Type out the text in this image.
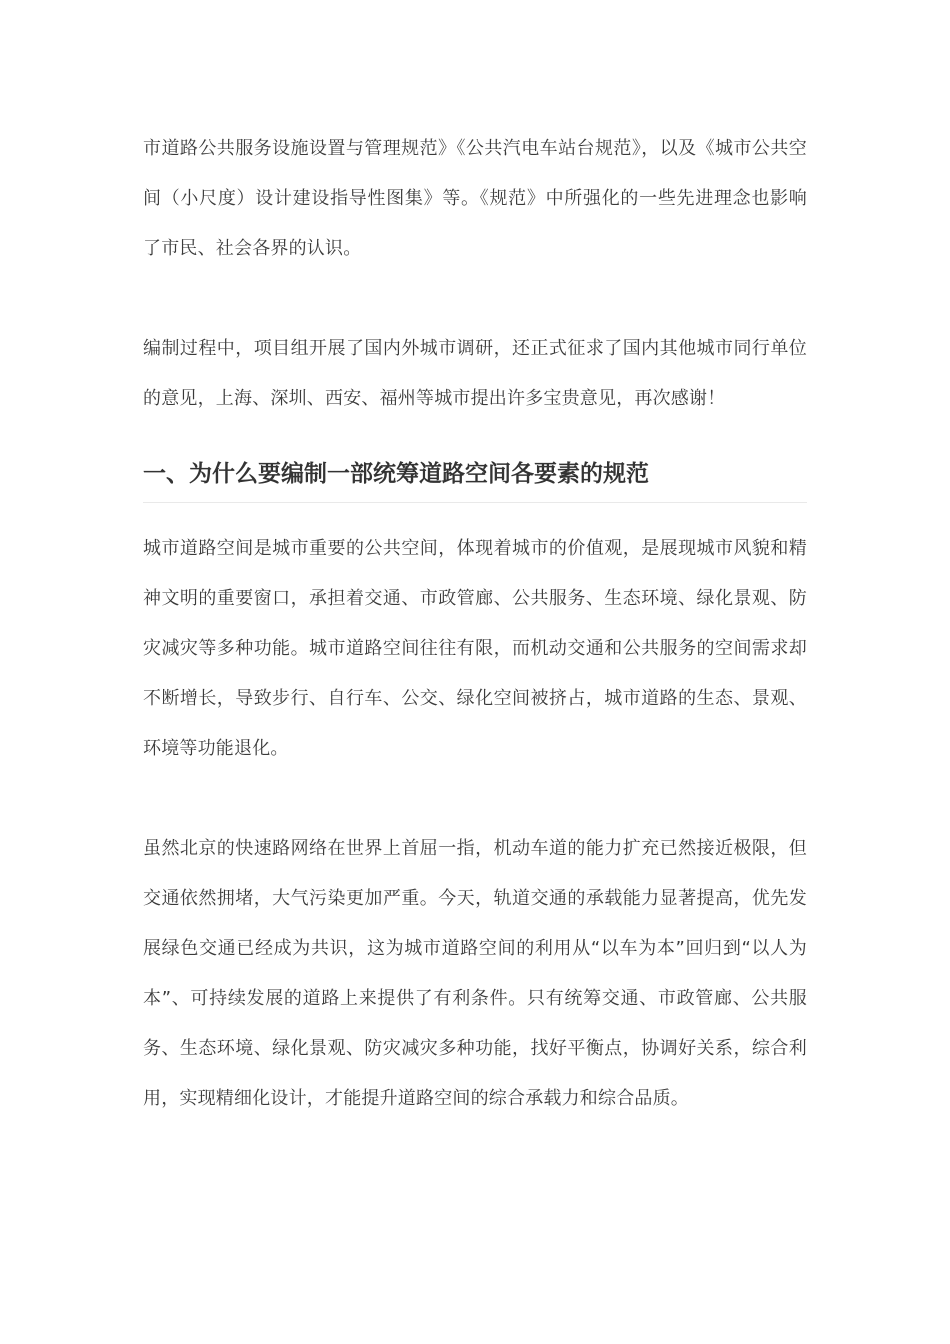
市道路公共服务设施设置与管理规范》《公共汽电车站台规范》，以及《城市公共空间（小尺度）设计建设指导性图集》等。《规范》中所强化的一些先进理念也影响了市民、社会各界的认识。

编制过程中，项目组开展了国内外城市调研，还正式征求了国内其他城市同行单位的意见，上海、深圳、西安、福州等城市提出许多宝贵意见，再次感谢！

一、为什么要编制一部统筹道路空间各要素的规范

城市道路空间是城市重要的公共空间，体现着城市的价值观，是展现城市风貌和精神文明的重要窗口，承担着交通、市政管廊、公共服务、生态环境、绿化景观、防灾减灾等多种功能。城市道路空间往往有限，而机动交通和公共服务的空间需求却不断增长，导致步行、自行车、公交、绿化空间被挤占，城市道路的生态、景观、环境等功能退化。

虽然北京的快速路网络在世界上首屈一指，机动车道的能力扩充已然接近极限，但交通依然拥堵，大气污染更加严重。今天，轨道交通的承载能力显著提高，优先发展绿色交通已经成为共识，这为城市道路空间的利用从“以车为本”回归到“以人为本”、可持续发展的道路上来提供了有利条件。只有统筹交通、市政管廊、公共服务、生态环境、绿化景观、防灾减灾多种功能，找好平衡点，协调好关系，综合利用，实现精细化设计，才能提升道路空间的综合承载力和综合品质。
